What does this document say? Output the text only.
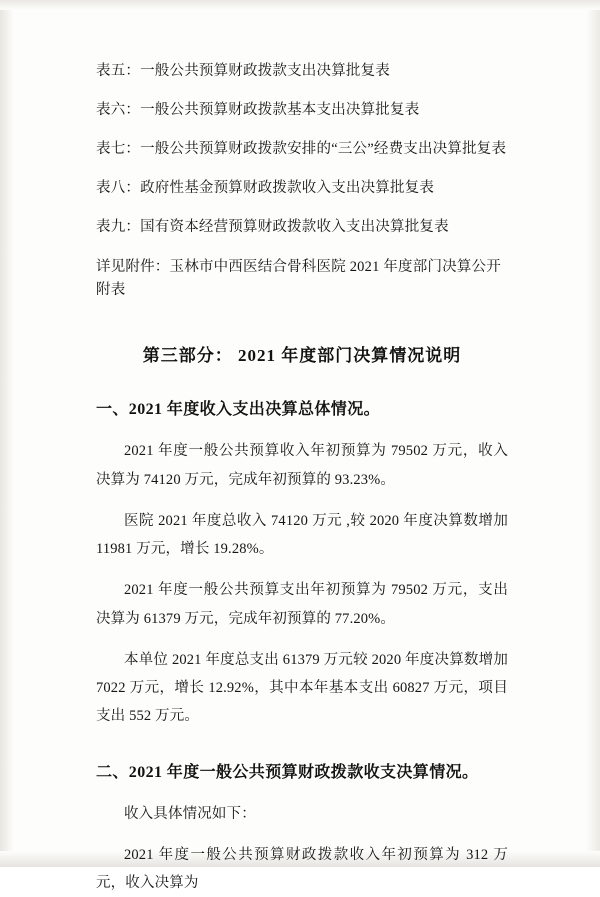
表五：一般公共预算财政拨款支出决算批复表
表六：一般公共预算财政拨款基本支出决算批复表
表七：一般公共预算财政拨款安排的“三公”经费支出决算批复表
表八：政府性基金预算财政拨款收入支出决算批复表
表九：国有资本经营预算财政拨款收入支出决算批复表
详见附件：玉林市中西医结合骨科医院 2021 年度部门决算公开附表
第三部分： 2021 年度部门决算情况说明
一、2021 年度收入支出决算总体情况。

2021 年度一般公共预算收入年初预算为 79502 万元，收入决算为 74120 万元，完成年初预算的 93.23%。

医院 2021 年度总收入 74120 万元 ,较 2020 年度决算数增加 11981 万元，增长 19.28%。

2021 年度一般公共预算支出年初预算为 79502 万元，支出决算为 61379 万元，完成年初预算的 77.20%。

本单位 2021 年度总支出 61379 万元较 2020 年度决算数增加 7022 万元，增长 12.92%，其中本年基本支出 60827 万元，项目支出 552 万元。

二、2021 年度一般公共预算财政拨款收支决算情况。

收入具体情况如下：

2021 年度一般公共预算财政拨款收入年初预算为 312 万元，收入决算为
